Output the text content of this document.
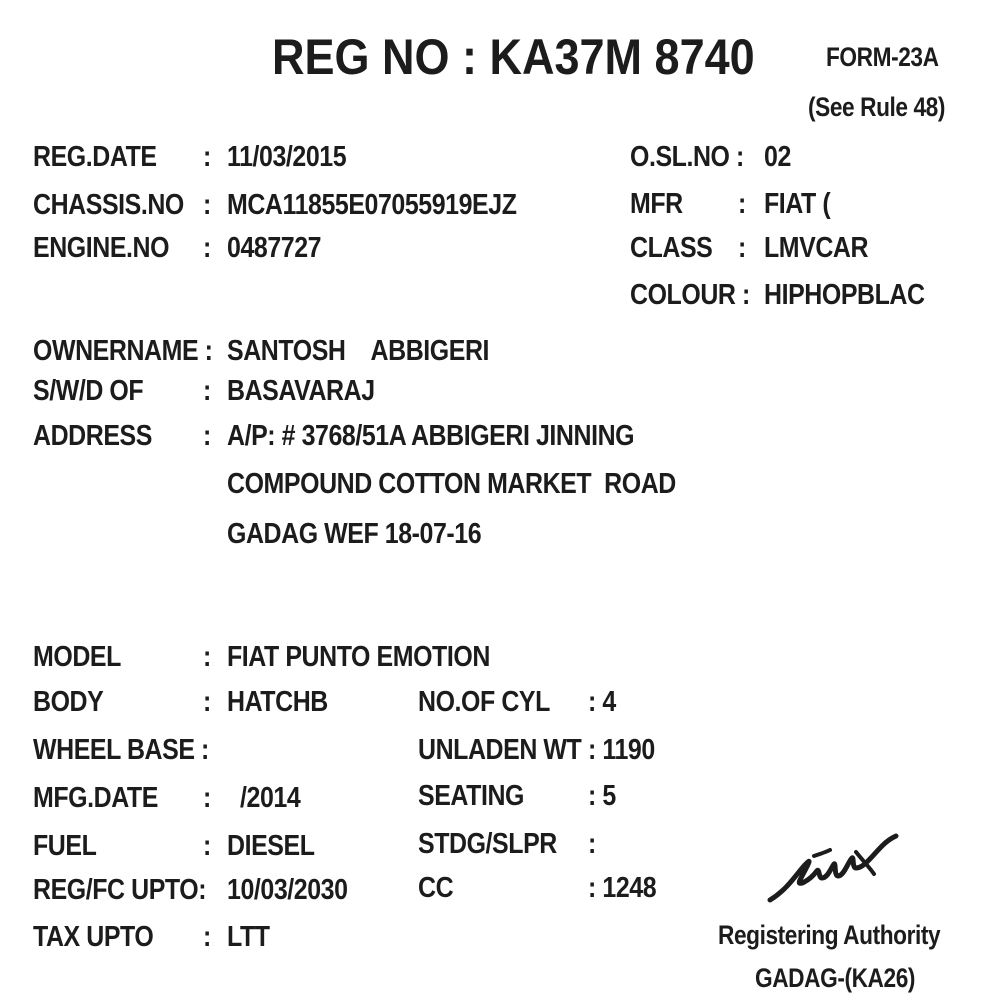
REG NO : KA37M 8740	FORM-23A
(See Rule 48)
REG.DATE : 11/03/2015
CHASSIS.NO : MCA11855E07055919EJZ
ENGINE.NO : 0487727
O.SL.NO : 02
MFR : FIAT (
CLASS : LMVCAR
COLOUR : HIPHOPBLAC
OWNERNAME : SANTOSH    ABBIGERI
S/W/D OF : BASAVARAJ
ADDRESS : A/P: # 3768/51A ABBIGERI JINNING
COMPOUND COTTON MARKET  ROAD
GADAG WEF 18-07-16
MODEL	: FIAT PUNTO EMOTION
BODY	: HATCHB
WHEEL BASE :
MFG.DATE : /2014
FUEL	: DIESEL
REG/FC UPTO: 10/03/2030
TAX UPTO : LTT
NO.OF CYL : 4
UNLADEN WT : 1190
SEATING : 5
STDG/SLPR :
CC	: 1248
Registering Authority
GADAG-(KA26)
